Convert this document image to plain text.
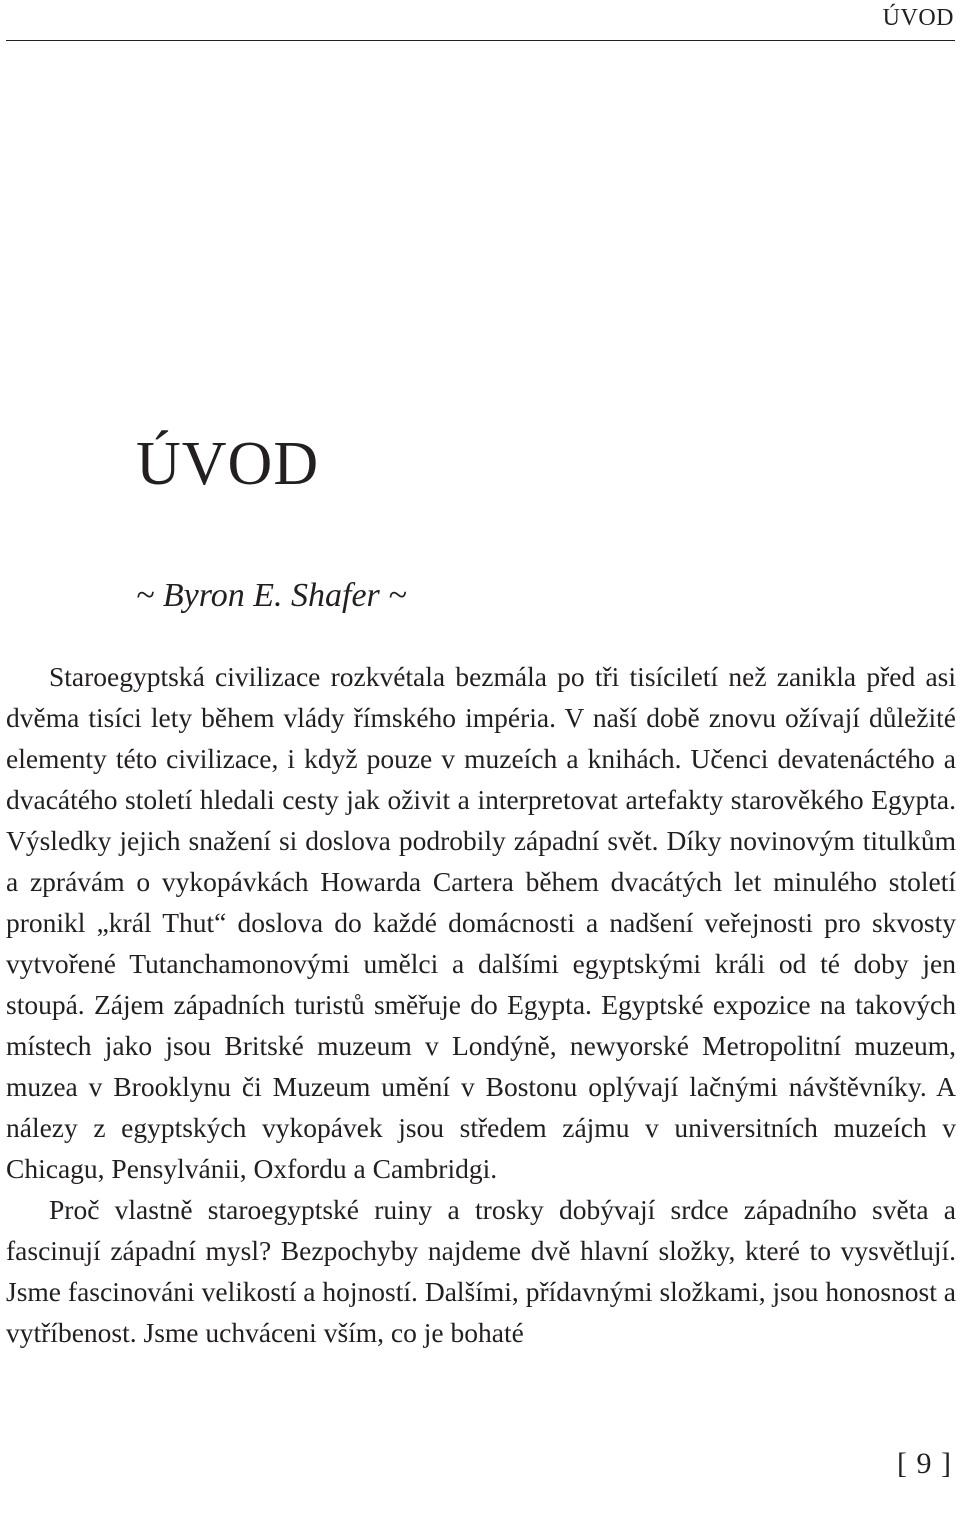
ÚVOD
ÚVOD
~ Byron E. Shafer ~

Staroegyptská civilizace rozkvétala bezmála po tři tisíciletí než zanikla před asi dvěma tisíci lety během vlády římského impéria. V naší době znovu ožívají důležité elementy této civilizace, i když pouze v muzeích a knihách. Učenci devatenáctého a dvacátého století hledali cesty jak oživit a interpretovat artefakty starověkého Egypta. Výsledky jejich snažení si doslova podrobily západní svět. Díky novinovým titulkům a zprávám o vykopávkách Howarda Cartera během dvacátých let minulého století pronikl „král Thut“ doslova do každé domácnosti a nadšení veřejnosti pro skvosty vytvořené Tutanchamonovými umělci a dalšími egyptskými králi od té doby jen stoupá. Zájem západních turistů směřuje do Egypta. Egyptské expozice na takových místech jako jsou Britské muzeum v Londýně, newyorské Metropolitní muzeum, muzea v Brooklynu či Muzeum umění v Bostonu oplývají lačnými návštěvníky. A nálezy z egyptských vykopávek jsou středem zájmu v universitních muzeích v Chicagu, Pensylvánii, Oxfordu a Cambridgi.

Proč vlastně staroegyptské ruiny a trosky dobývají srdce západního světa a fascinují západní mysl? Bezpochyby najdeme dvě hlavní složky, které to vysvětlují. Jsme fascinováni velikostí a hojností. Dalšími, přídavnými složkami, jsou honosnost a vytříbenost. Jsme uchváceni vším, co je bohaté

[ 9 ]
